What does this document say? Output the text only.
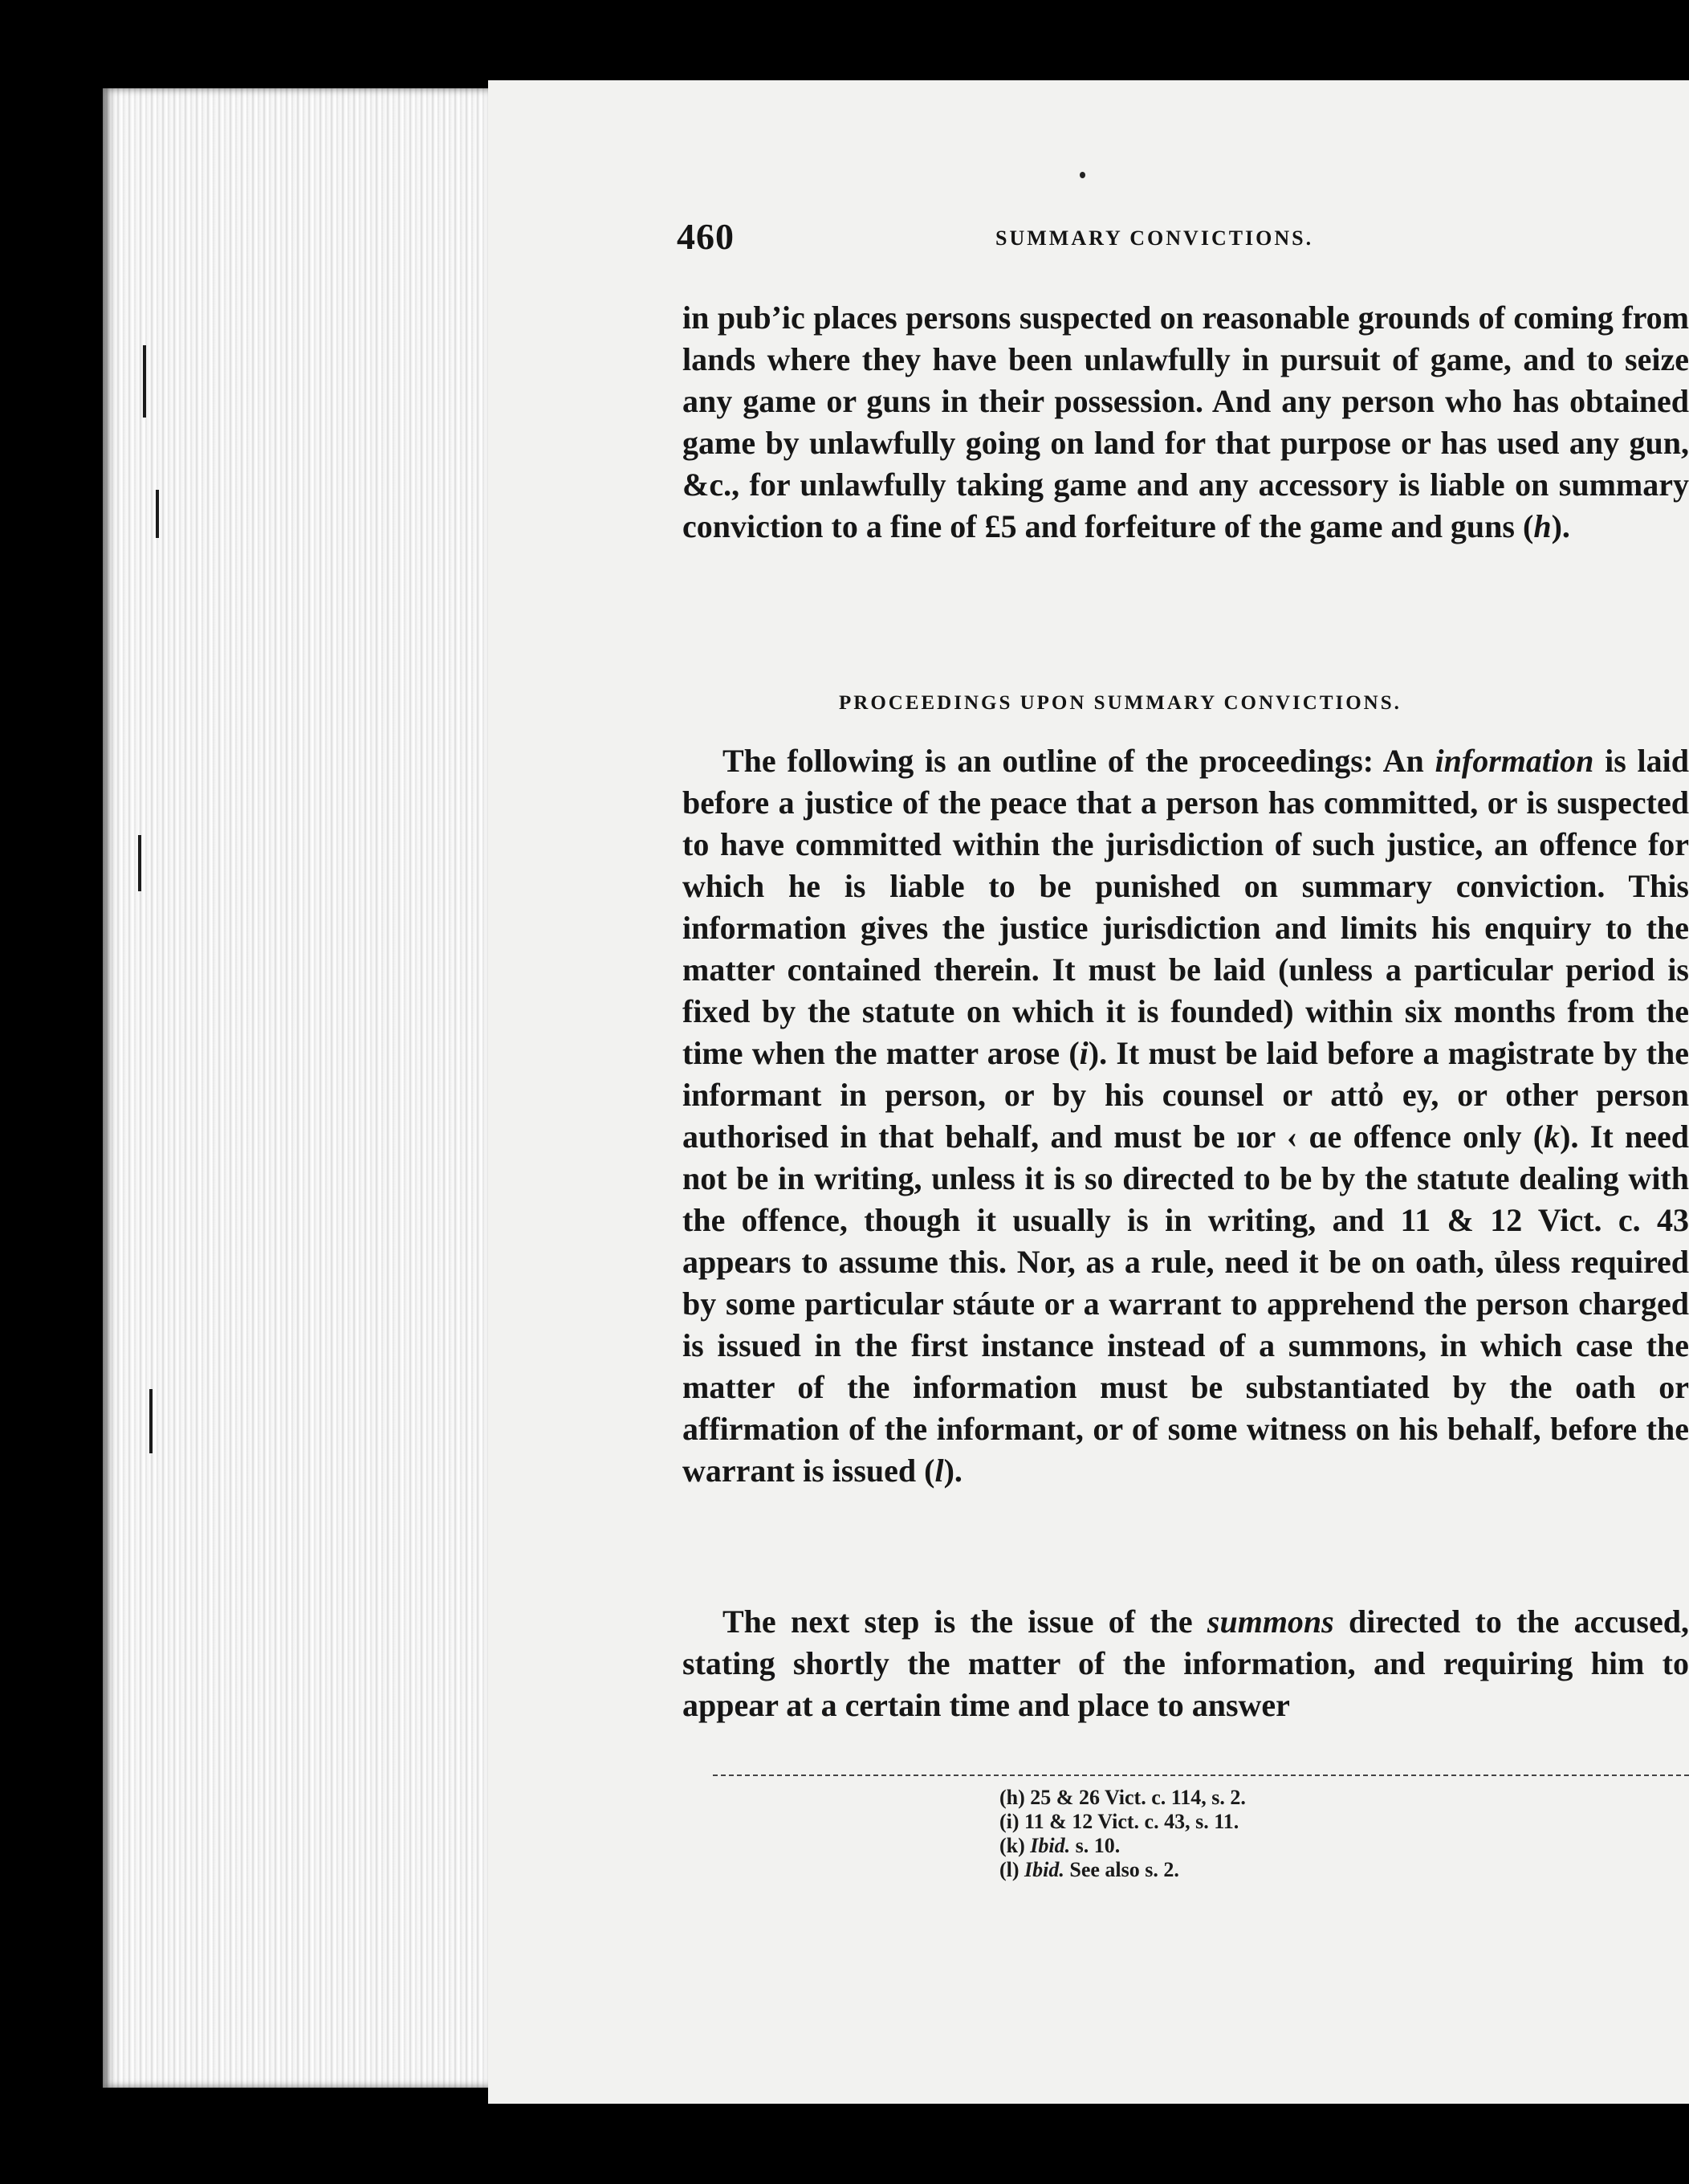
460	SUMMARY CONVICTIONS.
in pubʼic places persons suspected on reasonable grounds of coming from lands where they have been unlawfully in pursuit of game, and to seize any game or guns in their possession. And any person who has obtained game by unlawfully going on land for that purpose or has used any gun, &c., for unlawfully taking game and any accessory is liable on summary conviction to a fine of £5 and forfeiture of the game and guns (h).
PROCEEDINGS UPON SUMMARY CONVICTIONS.
The following is an outline of the proceedings: An information is laid before a justice of the peace that a person has committed, or is suspected to have committed within the jurisdiction of such justice, an offence for which he is liable to be punished on summary conviction. This information gives the justice jurisdiction and limits his enquiry to the matter contained therein. It must be laid (unless a particular period is fixed by the statute on which it is founded) within six months from the time when the matter arose (i). It must be laid before a magistrate by the informant in person, or by his counsel or atto̓ ey, or other person authorised in that behalf, and must be ıor ‹ ɑe offence only (k). It need not be in writing, unless it is so directed to be by the statute dealing with the offence, though it usually is in writing, and 11 & 12 Vict. c. 43 appears to assume this. Nor, as a rule, need it be on oath, ủless required by some particular stáute or a warrant to apprehend the person charged is issued in the first instance instead of a summons, in which case the matter of the information must be substantiated by the oath or affirmation of the informant, or of some witness on his behalf, before the warrant is issued (l).
The next step is the issue of the summons directed to the accused, stating shortly the matter of the information, and requiring him to appear at a certain time and place to answer
(h) 25 & 26 Vict. c. 114, s. 2.
(i) 11 & 12 Vict. c. 43, s. 11.
(k) Ibid. s. 10.
(l) Ibid. See also s. 2.
